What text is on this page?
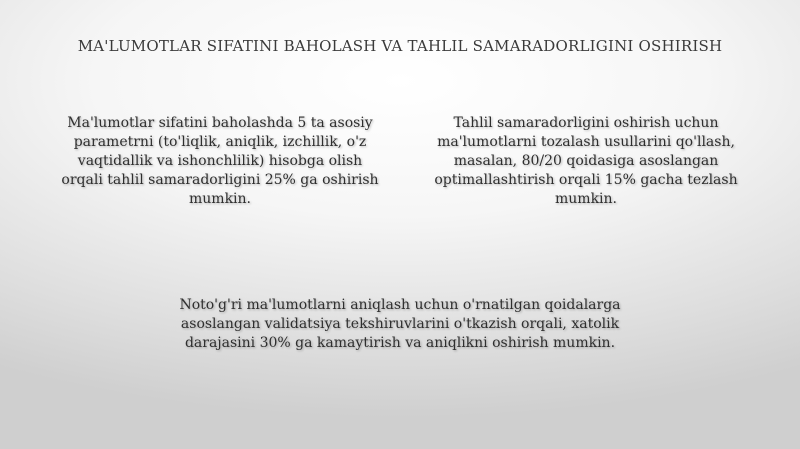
MA'LUMOTLAR SIFATINI BAHOLASH VA TAHLIL SAMARADORLIGINI OSHIRISH
Ma'lumotlar sifatini baholashda 5 ta asosiy parametrni (to'liqlik, aniqlik, izchillik, o'z vaqtidallik va ishonchlilik) hisobga olish orqali tahlil samaradorligini 25% ga oshirish mumkin.
Tahlil samaradorligini oshirish uchun ma'lumotlarni tozalash usullarini qo'llash, masalan, 80/20 qoidasiga asoslangan optimallashtirish orqali 15% gacha tezlash mumkin.
Noto'g'ri ma'lumotlarni aniqlash uchun o'rnatilgan qoidalarga asoslangan validatsiya tekshiruvlarini o'tkazish orqali, xatolik darajasini 30% ga kamaytirish va aniqlikni oshirish mumkin.
